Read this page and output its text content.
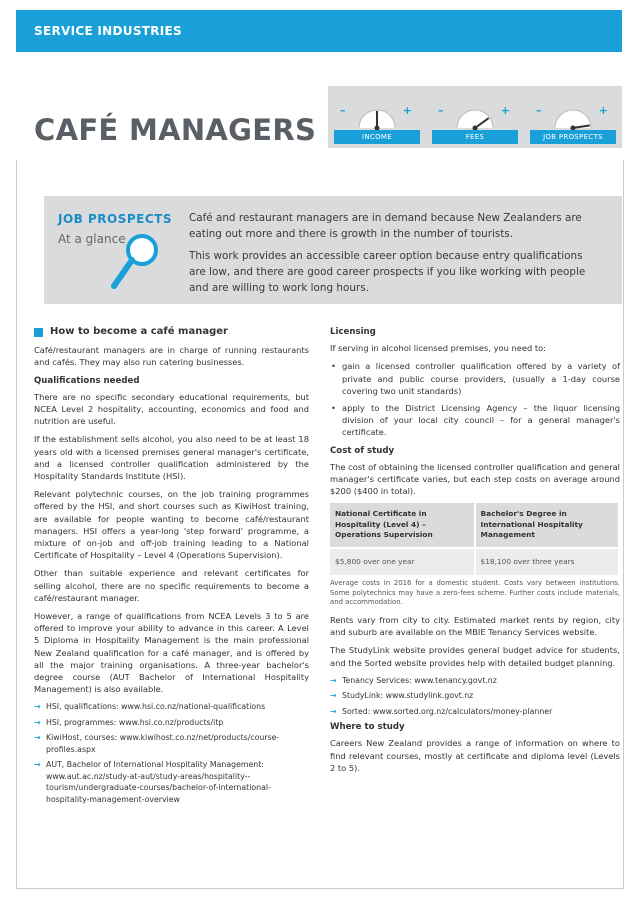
SERVICE INDUSTRIES
CAFÉ MANAGERS
–	+
INCOME
–	+
FEES
–	+
JOB PROSPECTS
JOB PROSPECTS
At a glance

Café and restaurant managers are in demand because New Zealanders are eating out more and there is growth in the number of tourists.

This work provides an accessible career option because entry qualifications are low, and there are good career prospects if you like working with people and are willing to work long hours.

How to become a café manager

Café/restaurant managers are in charge of running restaurants and cafés. They may also run catering businesses.

Qualifications needed

There are no specific secondary educational requirements, but NCEA Level 2 hospitality, accounting, economics and food and nutrition are useful.

If the establishment sells alcohol, you also need to be at least 18 years old with a licensed premises general manager's certificate, and a licensed controller qualification administered by the Hospitality Standards Institute (HSI).

Relevant polytechnic courses, on the job training programmes offered by the HSI, and short courses such as KiwiHost training, are available for people wanting to become café/restaurant managers. HSI offers a year-long 'step forward' programme, a mixture of on-job and off-job training leading to a National Certificate of Hospitality – Level 4 (Operations Supervision).

Other than suitable experience and relevant certificates for selling alcohol, there are no specific requirements to become a café/restaurant manager.

However, a range of qualifications from NCEA Levels 3 to 5 are offered to improve your ability to advance in this career. A Level 5 Diploma in Hospitality Management is the main professional New Zealand qualification for a café manager, and is offered by all the major training organisations. A three-year bachelor's degree course (AUT Bachelor of International Hospitality Management) is also available.

→ HSI, qualifications: www.hsi.co.nz/national-qualifications
→ HSI, programmes: www.hsi.co.nz/products/itp
→ KiwiHost, courses: www.kiwihost.co.nz/net/products/course-profiles.aspx
→ AUT, Bachelor of International Hospitality Management: www.aut.ac.nz/study-at-aut/study-areas/hospitality--tourism/undergraduate-courses/bachelor-of-international-hospitality-management-overview
Licensing

If serving in alcohol licensed premises, you need to:

• gain a licensed controller qualification offered by a variety of private and public course providers, (usually a 1-day course covering two unit standards)
• apply to the District Licensing Agency – the liquor licensing division of your local city council – for a general manager's certificate.
Cost of study

The cost of obtaining the licensed controller qualification and general manager's certificate varies, but each step costs on average around $200 ($400 in total).

National Certificate in Hospitality (Level 4) – Operations Supervision	Bachelor's Degree in International Hospitality Management
$5,800 over one year	$18,100 over three years

Average costs in 2016 for a domestic student. Costs vary between institutions. Some polytechnics may have a zero-fees scheme. Further costs include materials, and accommodation.

Rents vary from city to city. Estimated market rents by region, city and suburb are available on the MBIE Tenancy Services website.

The StudyLink website provides general budget advice for students, and the Sorted website provides help with detailed budget planning.

→ Tenancy Services: www.tenancy.govt.nz
→ StudyLink: www.studylink.govt.nz
→ Sorted: www.sorted.org.nz/calculators/money-planner
Where to study

Careers New Zealand provides a range of information on where to find relevant courses, mostly at certificate and diploma level (Levels 2 to 5).
